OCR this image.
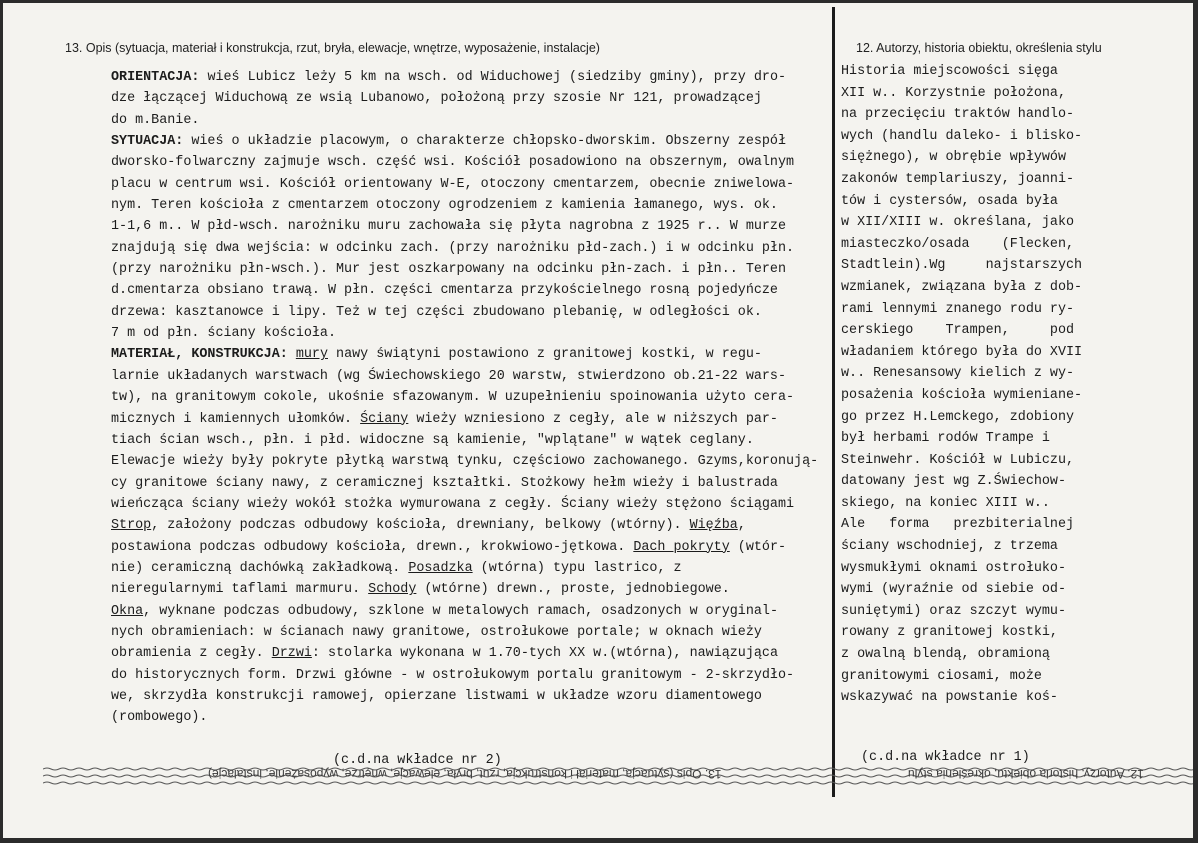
13. Opis (sytuacja, materiał i konstrukcja, rzut, bryła, elewacje, wnętrze, wyposażenie, instalacje)	12. Autorzy, historia obiektu, określenia stylu
ORIENTACJA: wieś Lubicz leży 5 km na wsch. od Widuchowej (siedziby gminy), przy dro-
dze łączącej Widuchową ze wsią Lubanowo, położoną przy szosie Nr 121, prowadzącej
do m.Banie.
SYTUACJA: wieś o układzie placowym, o charakterze chłopsko-dworskim. Obszerny zespół
dworsko-folwarczny zajmuje wsch. część wsi. Kościół posadowiono na obszernym, owalnym
placu w centrum wsi. Kościół orientowany W-E, otoczony cmentarzem, obecnie zniwelowa-
nym. Teren kościoła z cmentarzem otoczony ogrodzeniem z kamienia łamanego, wys. ok.
1-1,6 m.. W płd-wsch. narożniku muru zachowała się płyta nagrobna z 1925 r.. W murze
znajdują się dwa wejścia: w odcinku zach. (przy narożniku płd-zach.) i w odcinku płn.
(przy narożniku płn-wsch.). Mur jest oszkarpowany na odcinku płn-zach. i płn.. Teren
d.cmentarza obsiano trawą. W płn. części cmentarza przykościelnego rosną pojedyńcze
drzewa: kasztanowce i lipy. Też w tej części zbudowano plebanię, w odległości ok.
7 m od płn. ściany kościoła.
MATERIAŁ, KONSTRUKCJA: mury nawy świątyni postawiono z granitowej kostki, w regu-
larnie układanych warstwach (wg Świechowskiego 20 warstw, stwierdzono ob.21-22 wars-
tw), na granitowym cokole, ukośnie sfazowanym. W uzupełnieniu spoinowania użyto cera-
micznych i kamiennych ułomków. Ściany wieży wzniesiono z cegły, ale w niższych par-
tiach ścian wsch., płn. i płd. widoczne są kamienie, "wplątane" w wątek ceglany.
Elewacje wieży były pokryte płytką warstwą tynku, częściowo zachowanego. Gzyms,koronują-
cy granitowe ściany nawy, z ceramicznej kształtki. Stożkowy hełm wieży i balustrada
wieńcząca ściany wieży wokół stożka wymurowana z cegły. Ściany wieży stężono ściągami
Strop, założony podczas odbudowy kościoła, drewniany, belkowy (wtórny). Więźba,
postawiona podczas odbudowy kościoła, drewn., krokwiowo-jętkowa. Dach pokryty (wtór-
nie) ceramiczną dachówką zakładkową. Posadzka (wtórna) typu lastrico, z
nieregularnymi taflami marmuru. Schody (wtórne) drewn., proste, jednobiegowe.
Okna, wyknane podczas odbudowy, szklone w metalowych ramach, osadzonych w oryginal-
nych obramieniach: w ścianach nawy granitowe, ostrołukowe portale; w oknach wieży
obramienia z cegły. Drzwi: stolarka wykonana w 1.70-tych XX w.(wtórna), nawiązująca
do historycznych form. Drzwi główne - w ostrołukowym portalu granitowym - 2-skrzydło-
we, skrzydła konstrukcji ramowej, opierzane listwami w układze wzoru diamentowego
(rombowego).
Historia miejscowości sięga
XII w.. Korzystnie położona,
na przecięciu traktów handlo-
wych (handlu daleko- i blisko-
siężnego), w obrębie wpływów
zakonów templariuszy, joanni-
tów i cystersów, osada była
w XII/XIII w. określana, jako
miasteczko/osada    (Flecken,
Stadtlein).Wg     najstarszych
wzmianek, związana była z dob-
rami lennymi znanego rodu ry-
cerskiego    Trampen,     pod
władaniem którego była do XVII
w.. Renesansowy kielich z wy-
posażenia kościoła wymieniane-
go przez H.Lemckego, zdobiony
był herbami rodów Trampe i
Steinwehr. Kościół w Lubiczu,
datowany jest wg Z.Świechow-
skiego, na koniec XIII w..
Ale   forma   prezbiterialnej
ściany wschodniej, z trzema
wysmukłymi oknami ostrołuko-
wymi (wyraźnie od siebie od-
suniętymi) oraz szczyt wymu-
rowany z granitowej kostki,
z owalną blendą, obramioną
granitowymi ciosami, może
wskazywać na powstanie koś-
(c.d.na wkładce nr 2)	(c.d.na wkładce nr 1)
13. Opis (sytuacja, materiał i konstrukcja, rzut, bryła, elewacje, wnętrze, wyposażenie, instalacje)	12. Autorzy, historia obiektu, określenia stylu
